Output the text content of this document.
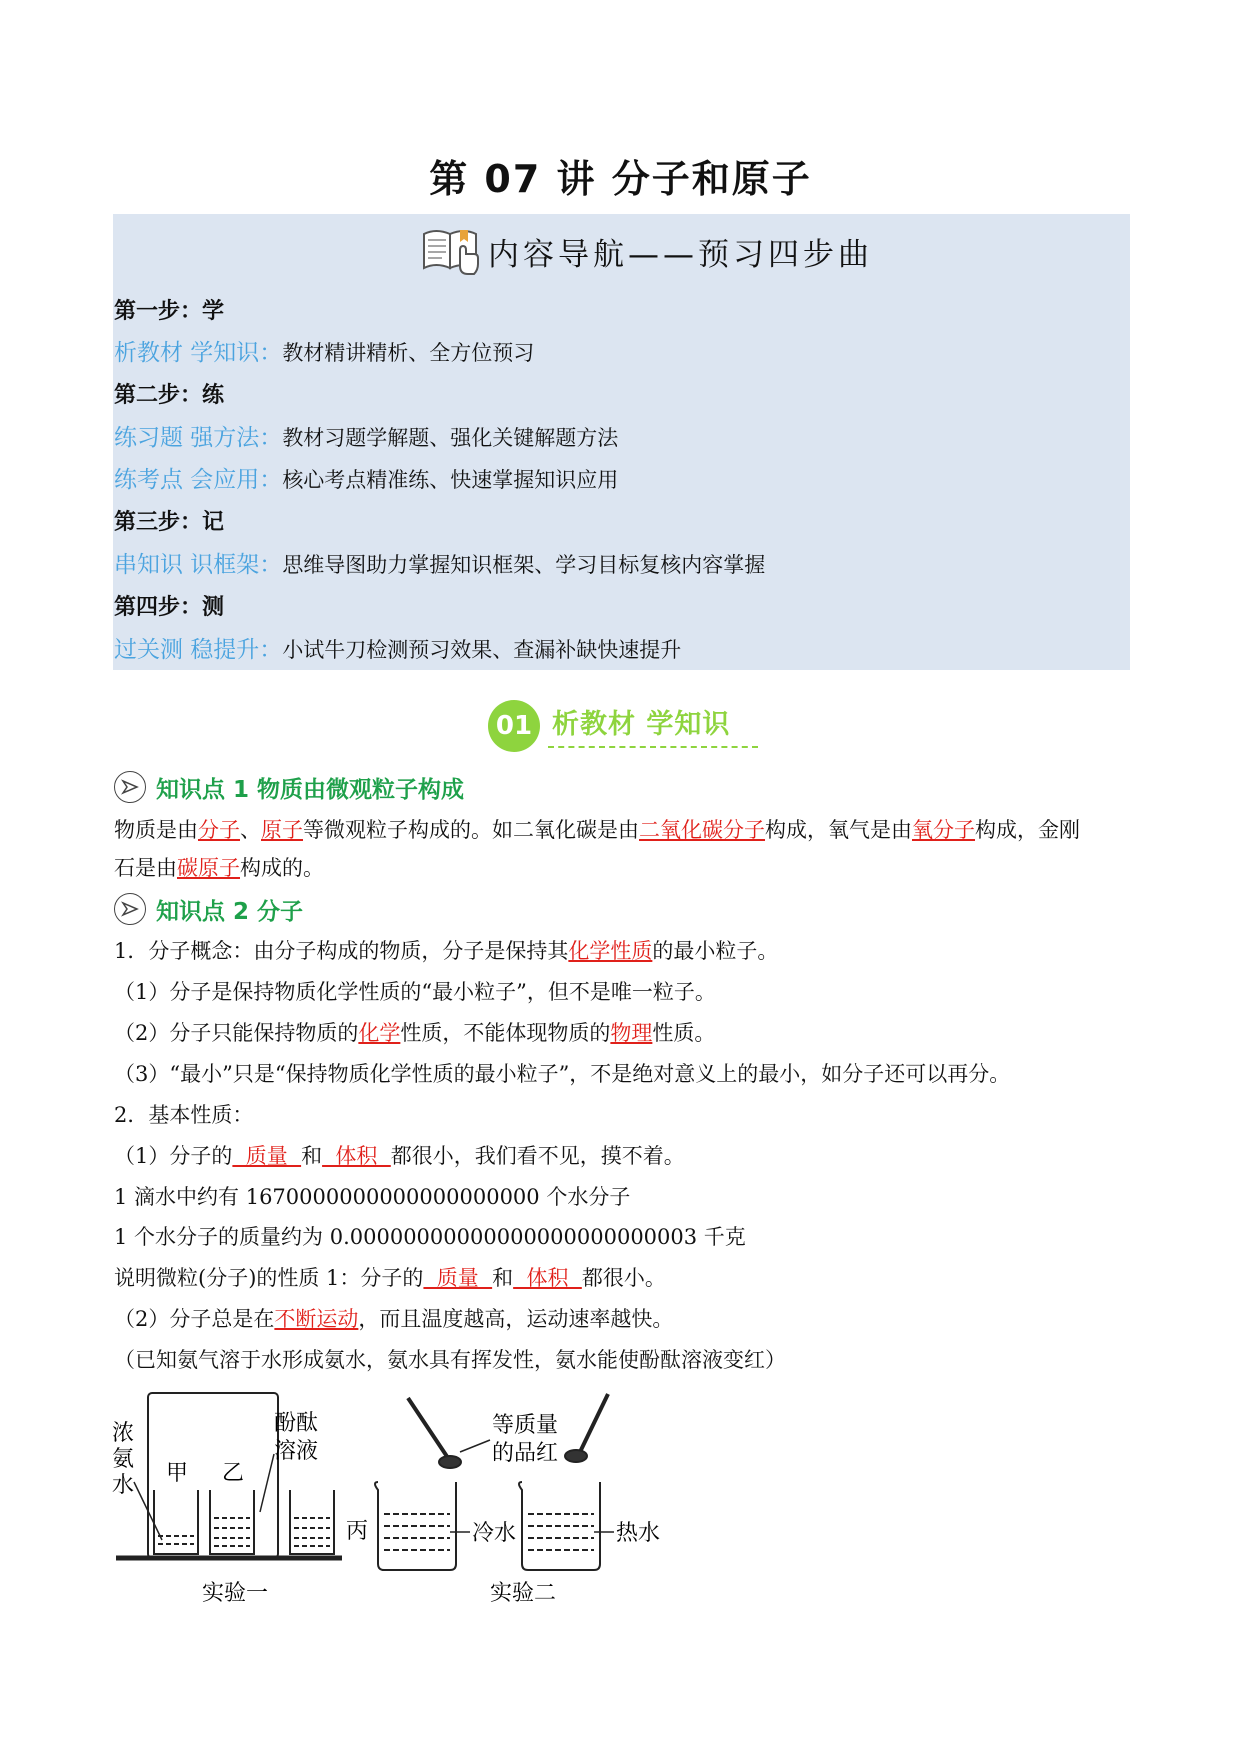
第 07 讲 分子和原子
内容导航——预习四步曲
第一步：学
析教材 学知识：教材精讲精析、全方位预习
第二步：练
练习题 强方法：教材习题学解题、强化关键解题方法
练考点 会应用：核心考点精准练、快速掌握知识应用
第三步：记
串知识 识框架：思维导图助力掌握知识框架、学习目标复核内容掌握
第四步：测
过关测 稳提升：小试牛刀检测预习效果、查漏补缺快速提升
01 析教材 学知识
知识点 1 物质由微观粒子构成
物质是由分子、原子等微观粒子构成的。如二氧化碳是由二氧化碳分子构成，氧气是由氧分子构成，金刚
石是由碳原子构成的。
知识点 2 分子
1．分子概念：由分子构成的物质，分子是保持其化学性质的最小粒子。
（1）分子是保持物质化学性质的“最小粒子”，但不是唯一粒子。
（2）分子只能保持物质的化学性质，不能体现物质的物理性质。
（3）“最小”只是“保持物质化学性质的最小粒子”，不是绝对意义上的最小，如分子还可以再分。
2．基本性质：
（1）分子的  质量  和  体积  都很小，我们看不见，摸不着。
1 滴水中约有 1670000000000000000000 个水分子
1 个水分子的质量约为 0.00000000000000000000000003 千克
说明微粒(分子)的性质 1：分子的  质量  和  体积  都很小。
（2）分子总是在不断运动，而且温度越高，运动速率越快。
（已知氨气溶于水形成氨水，氨水具有挥发性，氨水能使酚酞溶液变红）
浓
氨
水 甲 乙
丙
酚酞
溶液
实验一
等质量
的品红
冷水	热水
实验二
